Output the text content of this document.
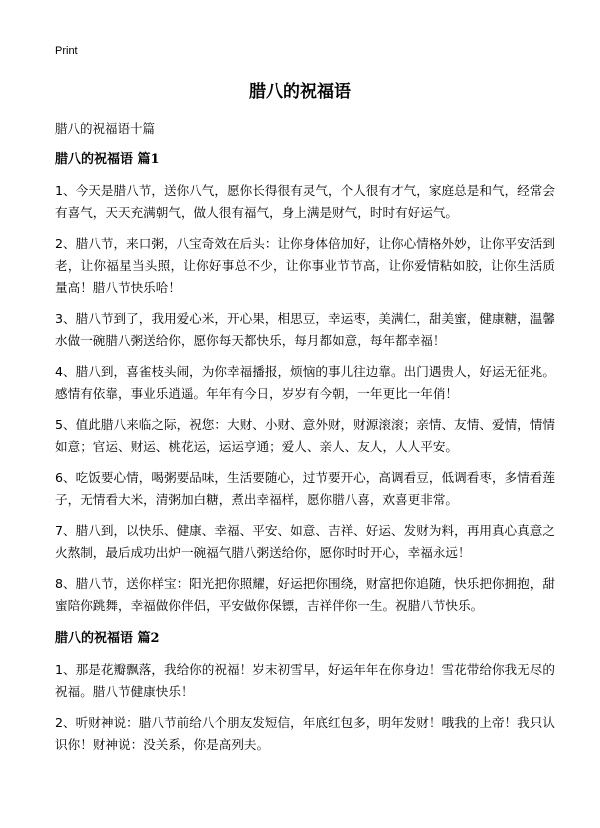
Print
腊八的祝福语
腊八的祝福语十篇
腊八的祝福语 篇1

1、今天是腊八节，送你八气，愿你长得很有灵气，个人很有才气，家庭总是和气，经常会有喜气，天天充满朝气，做人很有福气，身上满是财气，时时有好运气。

2、腊八节，来口粥，八宝奇效在后头：让你身体倍加好，让你心情格外妙，让你平安活到老，让你福星当头照，让你好事总不少，让你事业节节高，让你爱情粘如胶，让你生活质量高！腊八节快乐哈！

3、腊八节到了，我用爱心米，开心果，相思豆，幸运枣，美满仁，甜美蜜，健康糖，温馨水做一碗腊八粥送给你，愿你每天都快乐，每月都如意，每年都幸福！

4、腊八到，喜雀枝头闹，为你幸福播报，烦恼的事儿往边靠。出门遇贵人，好运无征兆。感情有依靠，事业乐逍遥。年年有今日，岁岁有今朝，一年更比一年俏！

5、值此腊八来临之际，祝您：大财、小财、意外财，财源滚滚；亲情、友情、爱情，情情如意；官运、财运、桃花运，运运亨通；爱人、亲人、友人，人人平安。

6、吃饭要心情，喝粥要品味，生活要随心，过节要开心，高调看豆，低调看枣，多情看莲子，无情看大米，清粥加白糖，煮出幸福样，愿你腊八喜，欢喜更非常。

7、腊八到，以快乐、健康、幸福、平安、如意、吉祥、好运、发财为料，再用真心真意之火熬制，最后成功出炉一碗福气腊八粥送给你，愿你时时开心，幸福永远！

8、腊八节，送你样宝：阳光把你照耀，好运把你围绕，财富把你追随，快乐把你拥抱，甜蜜陪你跳舞，幸福做你伴侣，平安做你保镖，吉祥伴你一生。祝腊八节快乐。

腊八的祝福语 篇2

1、那是花瓣飘落，我给你的祝福！岁末初雪早，好运年年在你身边！雪花带给你我无尽的祝福。腊八节健康快乐！

2、听财神说：腊八节前给八个朋友发短信，年底红包多，明年发财！哦我的上帝！我只认识你！财神说：没关系，你是高列夫。
